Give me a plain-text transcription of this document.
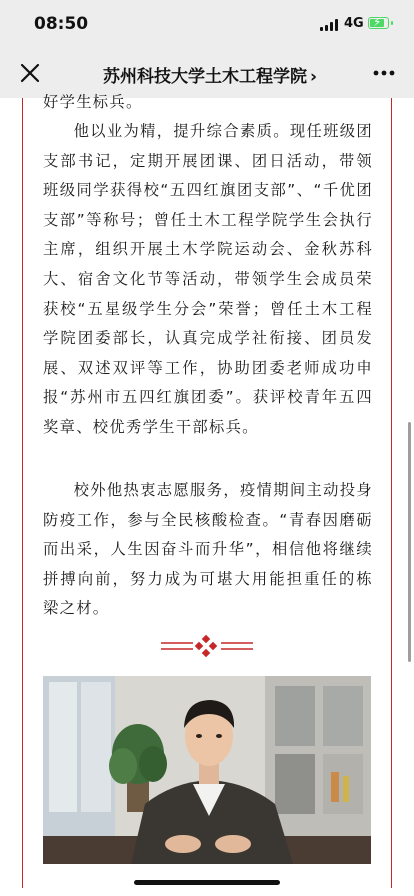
08:50	4G ⚡
苏州科技大学土木工程学院 ›

好学生标兵。

他以业为精，提升综合素质。现任班级团支部书记，定期开展团课、团日活动，带领班级同学获得校“五四红旗团支部”、“千优团支部”等称号；曾任土木工程学院学生会执行主席，组织开展土木学院运动会、金秋苏科大、宿舍文化节等活动，带领学生会成员荣获校“五星级学生分会”荣誉；曾任土木工程学院团委部长，认真完成学社衔接、团员发展、双述双评等工作，协助团委老师成功申报“苏州市五四红旗团委”。获评校青年五四奖章、校优秀学生干部标兵。

校外他热衷志愿服务，疫情期间主动投身防疫工作，参与全民核酸检查。“青春因磨砺而出采，人生因奋斗而升华”，相信他将继续拼搏向前，努力成为可堪大用能担重任的栋梁之材。
